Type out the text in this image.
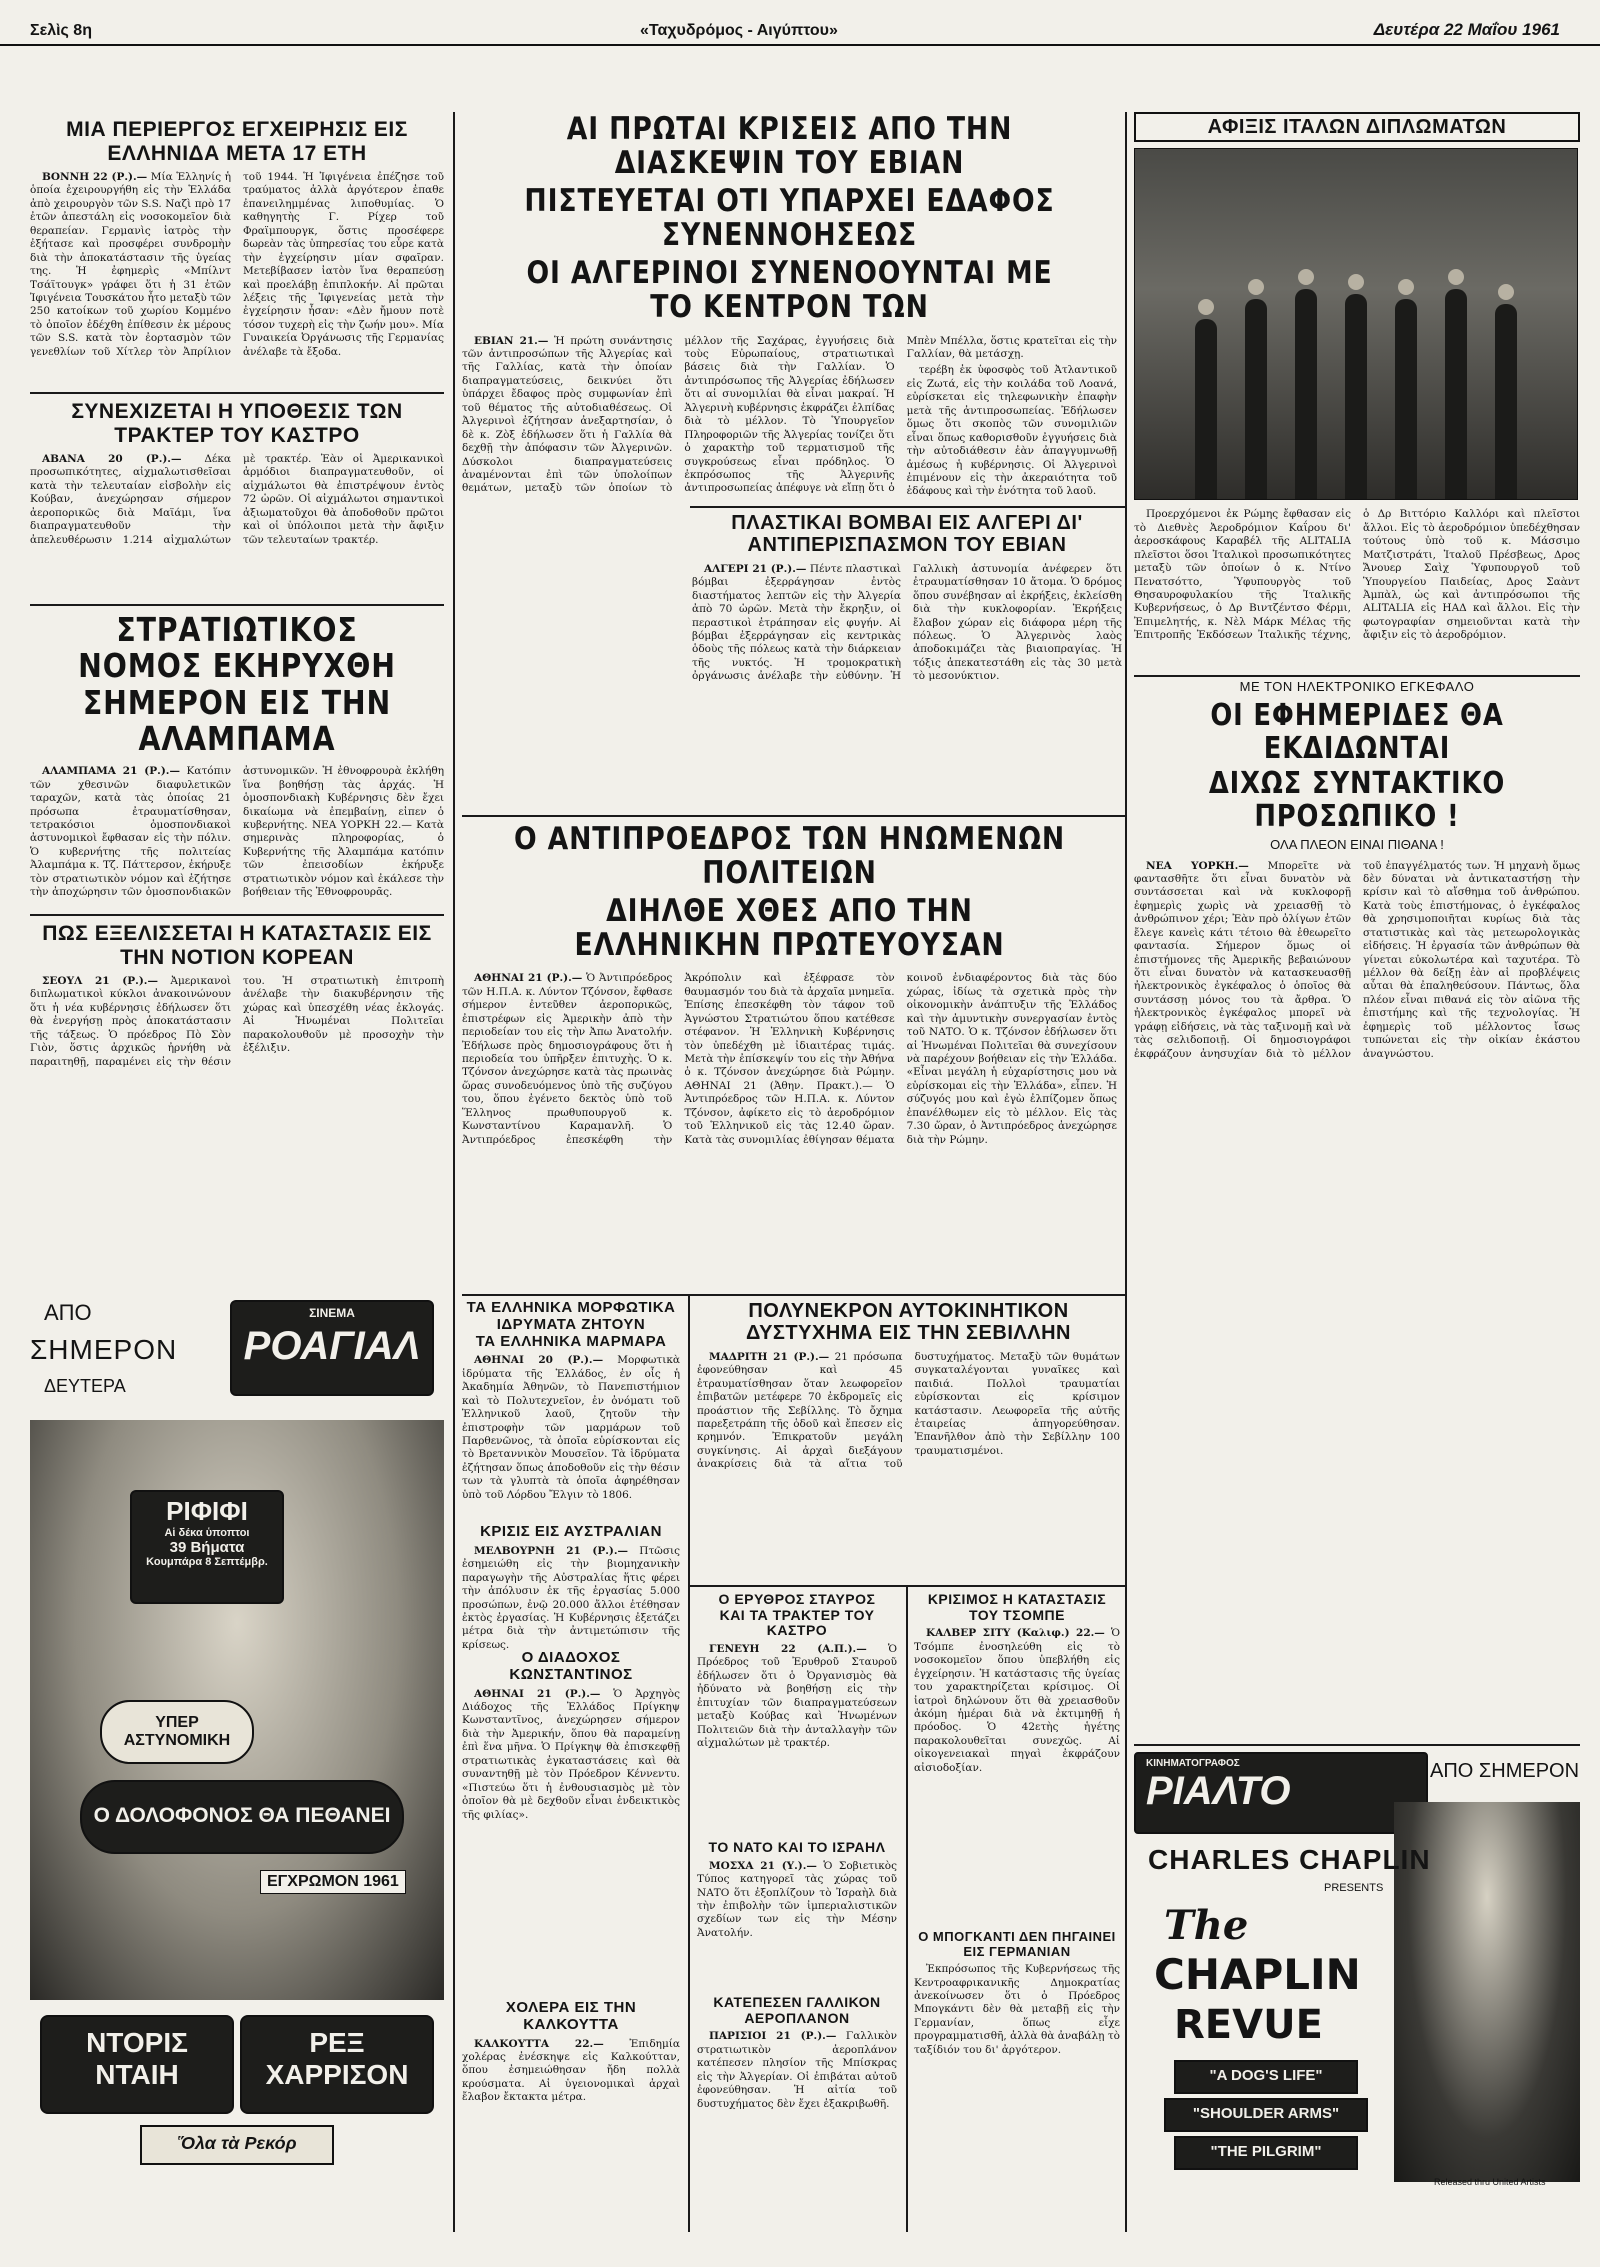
Σελὶς 8η	«Ταχυδρόμος - Αιγύπτου»	Δευτέρα 22 Μαΐου 1961
ΜΙΑ ΠΕΡΙΕΡΓΟΣ ΕΓΧΕΙΡΗΣΙΣ ΕΙΣ ΕΛΛΗΝΙΔΑ ΜΕΤΑ 17 ΕΤΗ

ΒΟΝΝΗ 22 (Ρ.).— Μία Ἑλληνίς ἡ ὁποία ἐχειρουργήθη εἰς τὴν Ἑλλάδα ἀπὸ χειρουργὸν τῶν S.S. Ναζὶ πρὸ 17 ἐτῶν ἀπεστάλη εἰς νοσοκομεῖον διὰ θεραπείαν. Γερμανὶς ἰατρὸς τὴν ἐξήτασε καὶ προσφέρει συνδρομὴν διὰ τὴν ἀποκατάστασιν τῆς ὑγείας της. Ἡ ἐφημερὶς «Μπίλντ Τσάϊτουγκ» γράφει ὅτι ἡ 31 ἐτῶν Ἰφιγένεια Τουσκάτου ἦτο μεταξὺ τῶν 250 κατοίκων τοῦ χωρίου Κομμένο τὸ ὁποῖον ἐδέχθη ἐπίθεσιν ἐκ μέρους τῶν S.S. κατὰ τὸν ἐορτασμὸν τῶν γενεθλίων τοῦ Χίτλερ τὸν Ἀπρίλιον τοῦ 1944. Ἡ Ἰφιγένεια ἐπέζησε τοῦ τραύματος ἀλλὰ ἀργότερον ἐπαθε ἐπανειλημμένας λιποθυμίας. Ὁ καθηγητὴς Γ. Ρίχερ τοῦ Φραϊμπουργκ, ὅστις προσέφερε δωρεὰν τὰς ὑπηρεσίας του εὗρε κατὰ τὴν ἐγχείρησιν μίαν σφαῖραν. Μετεβίβασεν ἰατὸν ἵνα θεραπεύσῃ καὶ προελάβῃ ἐπιπλοκήν. Αἱ πρῶται λέξεις τῆς Ἰφιγενείας μετὰ τὴν ἐγχείρησιν ἦσαν: «Δὲν ἤμουν ποτὲ τόσον τυχερὴ εἰς τὴν ζωήν μου». Μία Γυναικεία Ὀργάνωσις τῆς Γερμανίας ἀνέλαβε τὰ ἔξοδα.

ΣΥΝΕΧΙΖΕΤΑΙ Η ΥΠΟΘΕΣΙΣ ΤΩΝ ΤΡΑΚΤΕΡ ΤΟΥ ΚΑΣΤΡΟ

ΑΒΑΝΑ 20 (Ρ.).— Δέκα προσωπικότητες, αἰχμαλωτισθεῖσαι κατὰ τὴν τελευταίαν εἰσβολὴν εἰς Κούβαν, ἀνεχώρησαν σήμερον ἀεροπορικῶς διὰ Μαϊάμι, ἵνα διαπραγματευθοῦν τὴν ἀπελευθέρωσιν 1.214 αἰχμαλώτων μὲ τρακτέρ. Ἐὰν οἱ Ἀμερικανικοὶ ἀρμόδιοι διαπραγματευθοῦν, οἱ αἰχμάλωτοι θὰ ἐπιστρέψουν ἐντὸς 72 ὡρῶν. Οἱ αἰχμάλωτοι σημαντικοὶ ἀξιωματοῦχοι θὰ ἀποδοθοῦν πρῶτοι καὶ οἱ ὑπόλοιποι μετὰ τὴν ἄφιξιν τῶν τελευταίων τρακτέρ.

ΣΤΡΑΤΙΩΤΙΚΟΣ ΝΟΜΟΣ ΕΚΗΡΥΧΘΗ ΣΗΜΕΡΟΝ ΕΙΣ ΤΗΝ ΑΛΑΜΠΑΜΑ

ΑΛΑΜΠΑΜΑ 21 (Ρ.).— Κατόπιν τῶν χθεσινῶν διαφυλετικῶν ταραχῶν, κατὰ τὰς ὁποίας 21 πρόσωπα ἐτραυματίσθησαν, τετρακόσιοι ὁμοσπονδιακοὶ ἀστυνομικοὶ ἔφθασαν εἰς τὴν πόλιν. Ὁ κυβερνήτης τῆς πολιτείας Ἀλαμπάμα κ. Τζ. Πάττερσον, ἐκήρυξε τὸν στρατιωτικὸν νόμον καὶ ἐζήτησε τὴν ἀποχώρησιν τῶν ὁμοσπονδιακῶν ἀστυνομικῶν. Ἡ ἐθνοφρουρὰ ἐκλήθη ἵνα βοηθήσῃ τὰς ἀρχάς. Ἡ ὁμοσπονδιακὴ Κυβέρνησις δὲν ἔχει δικαίωμα νὰ ἐπεμβαίνῃ, εἰπεν ὁ κυβερνήτης. ΝΕΑ ΥΟΡΚΗ 22.— Κατὰ σημερινὰς πληροφορίας, ὁ Κυβερνήτης τῆς Ἀλαμπάμα κατόπιν τῶν ἐπεισοδίων ἐκήρυξε στρατιωτικὸν νόμον καὶ ἐκάλεσε τὴν βοήθειαν τῆς Ἐθνοφρουρᾶς.

ΠΩΣ ΕΞΕΛΙΣΣΕΤΑΙ Η ΚΑΤΑΣΤΑΣΙΣ ΕΙΣ ΤΗΝ ΝΟΤΙΟΝ ΚΟΡΕΑΝ

ΣΕΟΥΛ 21 (Ρ.).— Ἀμερικανοὶ διπλωματικοὶ κύκλοι ἀνακοινώνουν ὅτι ἡ νέα κυβέρνησις ἐδήλωσεν ὅτι θὰ ἐνεργήσῃ πρὸς ἀποκατάστασιν τῆς τάξεως. Ὁ πρόεδρος Πὸ Σὸν Γιὸν, ὅστις ἀρχικῶς ἠρνήθη νὰ παραιτηθῇ, παραμένει εἰς τὴν θέσιν του. Ἡ στρατιωτικὴ ἐπιτροπὴ ἀνέλαβε τὴν διακυβέρνησιν τῆς χώρας καὶ ὑπεσχέθη νέας ἐκλογάς. Αἱ Ἡνωμέναι Πολιτεῖαι παρακολουθοῦν μὲ προσοχὴν τὴν ἐξέλιξιν.

ΑΠΟ
ΣΗΜΕΡΟΝ
ΔΕΥΤΕΡΑ
ΣΙΝΕΜΑ
ΡΟΑΓΙΑΛ
ΡΙΦΙΦΙ
Αἱ δέκα ὑποπτοι
39 Βήματα
Κουμπάρα 8 Σεπτέμβρ.
ΥΠΕΡ ΑΣΤΥΝΟΜΙΚΗ
Ο ΔΟΛΟΦΟΝΟΣ ΘΑ ΠΕΘΑΝΕΙ
ΕΓΧΡΩΜΟΝ 1961
ΝΤΟΡΙΣ ΝΤΑΙΗ
ΡΕΞ ΧΑΡΡΙΣΟΝ
Ὅλα τὰ Ρεκόρ
ΑΙ ΠΡΩΤΑΙ ΚΡΙΣΕΙΣ ΑΠΟ ΤΗΝ ΔΙΑΣΚΕΨΙΝ ΤΟΥ ΕΒΙΑΝ
ΠΙΣΤΕΥΕΤΑΙ ΟΤΙ ΥΠΑΡΧΕΙ ΕΔΑΦΟΣ ΣΥΝΕΝΝΟΗΣΕΩΣ
ΟΙ ΑΛΓΕΡΙΝΟΙ ΣΥΝΕΝΟΟΥΝΤΑΙ ΜΕ ΤΟ ΚΕΝΤΡΟΝ ΤΩΝ

ΕΒΙΑΝ 21.— Ἡ πρώτη συνάντησις τῶν ἀντιπροσώπων τῆς Ἀλγερίας καὶ τῆς Γαλλίας, κατὰ τὴν ὁποίαν διαπραγματεύσεις, δεικνύει ὅτι ὑπάρχει ἔδαφος πρὸς συμφωνίαν ἐπὶ τοῦ θέματος τῆς αὐτοδιαθέσεως. Οἱ Ἀλγερινοὶ ἐζήτησαν ἀνεξαρτησίαν, ὁ δὲ κ. Ζὸξ ἐδήλωσεν ὅτι ἡ Γαλλία θὰ δεχθῇ τὴν ἀπόφασιν τῶν Ἀλγερινῶν. Δύσκολοι διαπραγματεύσεις ἀναμένονται ἐπὶ τῶν ὑπολοίπων θεμάτων, μεταξὺ τῶν ὁποίων τὸ μέλλον τῆς Σαχάρας, ἐγγυήσεις διὰ τοὺς Εὐρωπαίους, στρατιωτικαὶ βάσεις διὰ τὴν Γαλλίαν. Ὁ ἀντιπρόσωπος τῆς Ἀλγερίας ἐδήλωσεν ὅτι αἱ συνομιλίαι θὰ εἶναι μακραί. Ἡ Ἀλγερινὴ κυβέρνησις ἐκφράζει ἐλπίδας διὰ τὸ μέλλον. Τὸ Ὑπουργεῖον Πληροφοριῶν τῆς Ἀλγερίας τονίζει ὅτι ὁ χαρακτὴρ τοῦ τερματισμοῦ τῆς συγκρούσεως εἶναι πρόδηλος. Ὁ ἐκπρόσωπος τῆς Ἀλγερινῆς ἀντιπροσωπείας ἀπέφυγε νὰ εἴπῃ ὅτι ὁ Μπὲν Μπέλλα, ὅστις κρατεῖται εἰς τὴν Γαλλίαν, θὰ μετάσχῃ.

τερέβη ἐκ ὑφοσφὸς τοῦ Ἀτλαντικοῦ εἰς Ζωτά, εἰς τὴν κοιλάδα τοῦ Λοανά, εὑρίσκεται εἰς τηλεφωνικὴν ἐπαφὴν μετὰ τῆς ἀντιπροσωπείας. Ἐδήλωσεν ὅμως ὅτι σκοπὸς τῶν συνομιλιῶν εἶναι ὅπως καθορισθοῦν ἐγγυήσεις διὰ τὴν αὐτοδιάθεσιν ἐὰν ἀπαγγυμνωθῇ ἀμέσως ἡ κυβέρνησις. Οἱ Ἀλγερινοὶ ἐπιμένουν εἰς τὴν ἀκεραιότητα τοῦ ἐδάφους καὶ τὴν ἑνότητα τοῦ λαοῦ.

ΠΛΑΣΤΙΚΑΙ ΒΟΜΒΑΙ ΕΙΣ ΑΛΓΕΡΙ ΔΙ' ΑΝΤΙΠΕΡΙΣΠΑΣΜΟΝ ΤΟΥ ΕΒΙΑΝ

ΑΛΓΕΡΙ 21 (Ρ.).— Πέντε πλαστικαὶ βόμβαι ἐξερράγησαν ἐντὸς διαστήματος λεπτῶν εἰς τὴν Ἀλγερία ἀπὸ 70 ὡρῶν. Μετὰ τὴν ἔκρηξιν, οἱ περαστικοὶ ἐτράπησαν εἰς φυγήν. Αἱ βόμβαι ἐξερράγησαν εἰς κεντρικὰς ὁδοὺς τῆς πόλεως κατὰ τὴν διάρκειαν τῆς νυκτός. Ἡ τρομοκρατικὴ ὀργάνωσις ἀνέλαβε τὴν εὐθύνην. Ἡ Γαλλικὴ ἀστυνομία ἀνέφερεν ὅτι ἐτραυματίσθησαν 10 ἄτομα. Ὁ δρόμος ὅπου συνέβησαν αἱ ἐκρήξεις, ἐκλείσθη διὰ τὴν κυκλοφορίαν. Ἐκρήξεις ἔλαβον χώραν εἰς διάφορα μέρη τῆς πόλεως. Ὁ Ἀλγερινὸς λαὸς ἀποδοκιμάζει τὰς βιαιοπραγίας. Ἡ τόξις ἀπεκατεστάθη εἰς τὰς 30 μετὰ τὸ μεσονύκτιον.

Ο ΑΝΤΙΠΡΟΕΔΡΟΣ ΤΩΝ ΗΝΩΜΕΝΩΝ ΠΟΛΙΤΕΙΩΝ
ΔΙΗΛΘΕ ΧΘΕΣ ΑΠΟ ΤΗΝ ΕΛΛΗΝΙΚΗΝ ΠΡΩΤΕΥΟΥΣΑΝ

ΑΘΗΝΑΙ 21 (Ρ.).— Ὁ Ἀντιπρόεδρος τῶν Η.Π.Α. κ. Λύντον Τζόνσον, ἔφθασε σήμερον ἐντεῦθεν ἀεροπορικῶς, ἐπιστρέφων εἰς Ἀμερικὴν ἀπὸ τὴν περιοδείαν του εἰς τὴν Ἀπω Ἀνατολήν. Ἐδήλωσε πρὸς δημοσιογράφους ὅτι ἡ περιοδεία του ὑπῆρξεν ἐπιτυχὴς. Ὁ κ. Τζόνσον ἀνεχώρησε κατὰ τὰς πρωινὰς ὥρας συνοδευόμενος ὑπὸ τῆς συζύγου του, ὅπου ἐγένετο δεκτὸς ὑπὸ τοῦ Ἕλληνος πρωθυπουργοῦ κ. Κωνσταντίνου Καραμανλῆ. Ὁ Ἀντιπρόεδρος ἐπεσκέφθη τὴν Ἀκρόπολιν καὶ ἐξέφρασε τὸν θαυμασμόν του διὰ τὰ ἀρχαῖα μνημεῖα. Ἐπίσης ἐπεσκέφθη τὸν τάφον τοῦ Ἀγνώστου Στρατιώτου ὅπου κατέθεσε στέφανον. Ἡ Ἑλληνικὴ Κυβέρνησις τὸν ὑπεδέχθη μὲ ἰδιαιτέρας τιμάς. Μετὰ τὴν ἐπίσκεψίν του εἰς τὴν Ἀθήνα ὁ κ. Τζόνσον ἀνεχώρησε διὰ Ρώμην. ΑΘΗΝΑΙ 21 (Ἀθην. Πρακτ.).— Ὁ Ἀντιπρόεδρος τῶν Η.Π.Α. κ. Λύντον Τζόνσον, ἀφίκετο εἰς τὸ ἀεροδρόμιον τοῦ Ἑλληνικοῦ εἰς τὰς 12.40 ὥραν. Κατὰ τὰς συνομιλίας ἐθίγησαν θέματα κοινοῦ ἐνδιαφέροντος διὰ τὰς δύο χώρας, ἰδίως τὰ σχετικὰ πρὸς τὴν οἰκονομικὴν ἀνάπτυξιν τῆς Ἑλλάδος καὶ τὴν ἀμυντικὴν συνεργασίαν ἐντὸς τοῦ ΝΑΤΟ. Ὁ κ. Τζόνσον ἐδήλωσεν ὅτι αἱ Ἡνωμέναι Πολιτεῖαι θὰ συνεχίσουν νὰ παρέχουν βοήθειαν εἰς τὴν Ἑλλάδα. «Εἶναι μεγάλη ἡ εὐχαρίστησις μου νὰ εὑρίσκομαι εἰς τὴν Ἑλλάδα», εἶπεν. Ἡ σύζυγός μου καὶ ἐγὼ ἐλπίζομεν ὅπως ἐπανέλθωμεν εἰς τὸ μέλλον. Εἰς τὰς 7.30 ὥραν, ὁ Ἀντιπρόεδρος ἀνεχώρησε διὰ τὴν Ρώμην.

ΤΑ ΕΛΛΗΝΙΚΑ ΜΟΡΦΩΤΙΚΑ
ΙΔΡΥΜΑΤΑ ΖΗΤΟΥΝ
ΤΑ ΕΛΛΗΝΙΚΑ ΜΑΡΜΑΡΑ

ΑΘΗΝΑΙ 20 (Ρ.).— Μορφωτικὰ ἱδρύματα τῆς Ἑλλάδος, ἐν οἷς ἡ Ἀκαδημία Ἀθηνῶν, τὸ Πανεπιστήμιον καὶ τὸ Πολυτεχνεῖον, ἐν ὀνόματι τοῦ Ἑλληνικοῦ λαοῦ, ζητοῦν τὴν ἐπιστροφὴν τῶν μαρμάρων τοῦ Παρθενῶνος, τὰ ὁποῖα εὑρίσκονται εἰς τὸ Βρεταννικὸν Μουσεῖον. Τὰ ἱδρύματα ἐζήτησαν ὅπως ἀποδοθοῦν εἰς τὴν θέσιν των τὰ γλυπτὰ τὰ ὁποῖα ἀφηρέθησαν ὑπὸ τοῦ Λόρδου Ἔλγιν τὸ 1806.

ΚΡΙΣΙΣ ΕΙΣ ΑΥΣΤΡΑΛΙΑΝ

ΜΕΛΒΟΥΡΝΗ 21 (Ρ.).— Πτῶσις ἐσημειώθη εἰς τὴν βιομηχανικὴν παραγωγὴν τῆς Αὐστραλίας ἥτις φέρει τὴν ἀπόλυσιν ἐκ τῆς ἐργασίας 5.000 προσώπων, ἐνῷ 20.000 ἄλλοι ἐτέθησαν ἐκτὸς ἐργασίας. Ἡ Κυβέρνησις ἐξετάζει μέτρα διὰ τὴν ἀντιμετώπισιν τῆς κρίσεως.

Ο ΔΙΑΔΟΧΟΣ ΚΩΝΣΤΑΝΤΙΝΟΣ

ΑΘΗΝΑΙ 21 (Ρ.).— Ὁ Ἀρχηγὸς Διάδοχος τῆς Ἑλλάδος Πρίγκηψ Κωνσταντῖνος, ἀνεχώρησεν σήμερον διὰ τὴν Ἀμερικήν, ὅπου θὰ παραμείνῃ ἐπὶ ἕνα μῆνα. Ὁ Πρίγκηψ θὰ ἐπισκεφθῇ στρατιωτικὰς ἐγκαταστάσεις καὶ θὰ συναντηθῇ μὲ τὸν Πρόεδρον Κέννεντυ. «Πιστεύω ὅτι ἡ ἐνθουσιασμὸς μὲ τὸν ὁποῖον θὰ μὲ δεχθοῦν εἶναι ἐνδεικτικὸς τῆς φιλίας».

ΧΟΛΕΡΑ ΕΙΣ ΤΗΝ ΚΑΛΚΟΥΤΤΑ

ΚΑΛΚΟΥΤΤΑ 22.— Ἐπιδημία χολέρας ἐνέσκηψε εἰς Καλκούτταν, ὅπου ἐσημειώθησαν ἤδη πολλὰ κρούσματα. Αἱ ὑγειονομικαὶ ἀρχαὶ ἔλαβον ἔκτακτα μέτρα.

ΠΟΛΥΝΕΚΡΟΝ ΑΥΤΟΚΙΝΗΤΙΚΟΝ
ΔΥΣΤΥΧΗΜΑ ΕΙΣ ΤΗΝ ΣΕΒΙΛΛΗΝ

ΜΑΔΡΙΤΗ 21 (Ρ.).— 21 πρόσωπα ἐφονεύθησαν καὶ 45 ἐτραυματίσθησαν ὅταν λεωφορεῖον ἐπιβατῶν μετέφερε 70 ἐκδρομεῖς εἰς προάστιον τῆς Σεβίλλης. Τὸ ὄχημα παρεξετράπη τῆς ὁδοῦ καὶ ἔπεσεν εἰς κρημνόν. Ἐπικρατοῦν μεγάλη συγκίνησις. Αἱ ἀρχαὶ διεξάγουν ἀνακρίσεις διὰ τὰ αἴτια τοῦ δυστυχήματος. Μεταξὺ τῶν θυμάτων συγκαταλέγονται γυναῖκες καὶ παιδιά. Πολλοὶ τραυματίαι εὑρίσκονται εἰς κρίσιμον κατάστασιν. Λεωφορεῖα τῆς αὐτῆς ἑταιρείας ἀπηγορεύθησαν. Ἐπανῆλθον ἀπὸ τὴν Σεβίλλην 100 τραυματισμένοι.

Ο ΕΡΥΘΡΟΣ ΣΤΑΥΡΟΣ
ΚΑΙ ΤΑ ΤΡΑΚΤΕΡ ΤΟΥ ΚΑΣΤΡΟ

ΓΕΝΕΥΗ 22 (Α.Π.).— Ὁ Πρόεδρος τοῦ Ἐρυθροῦ Σταυροῦ ἐδήλωσεν ὅτι ὁ Ὀργανισμὸς θὰ ἠδύνατο νὰ βοηθήσῃ εἰς τὴν ἐπιτυχίαν τῶν διαπραγματεύσεων μεταξὺ Κούβας καὶ Ἡνωμένων Πολιτειῶν διὰ τὴν ἀνταλλαγὴν τῶν αἰχμαλώτων μὲ τρακτέρ.

ΤΟ ΝΑΤΟ ΚΑΙ ΤΟ ΙΣΡΑΗΛ

ΜΟΣΧΑ 21 (Υ.).— Ὁ Σοβιετικὸς Τύπος κατηγορεῖ τὰς χώρας τοῦ ΝΑΤΟ ὅτι ἐξοπλίζουν τὸ Ἰσραὴλ διὰ τὴν ἐπιβολὴν τῶν ἰμπεριαλιστικῶν σχεδίων των εἰς τὴν Μέσην Ἀνατολήν.

ΚΑΤΕΠΕΣΕΝ ΓΑΛΛΙΚΟΝ ΑΕΡΟΠΛΑΝΟΝ

ΠΑΡΙΣΙΟΙ 21 (Ρ.).— Γαλλικὸν στρατιωτικὸν ἀεροπλάνον κατέπεσεν πλησίον τῆς Μπίσκρας εἰς τὴν Ἀλγερίαν. Οἱ ἐπιβάται αὐτοῦ ἐφονεύθησαν. Ἡ αἰτία τοῦ δυστυχήματος δὲν ἔχει ἐξακριβωθῆ.

ΚΡΙΣΙΜΟΣ Η ΚΑΤΑΣΤΑΣΙΣ
ΤΟΥ ΤΣΟΜΠΕ

ΚΑΛΒΕΡ ΣΙΤΥ (Καλιφ.) 22.— Ὁ Τσόμπε ἐνοσηλεύθη εἰς τὸ νοσοκομεῖον ὅπου ὑπεβλήθη εἰς ἐγχείρησιν. Ἡ κατάστασις τῆς ὑγείας του χαρακτηρίζεται κρίσιμος. Οἱ ἰατροὶ δηλώνουν ὅτι θὰ χρειασθοῦν ἀκόμη ἡμέραι διὰ νὰ ἐκτιμηθῇ ἡ πρόοδος. Ὁ 42ετὴς ἡγέτης παρακολουθεῖται συνεχῶς. Αἱ οἰκογενειακαὶ πηγαὶ ἐκφράζουν αἰσιοδοξίαν.

Ο ΜΠΟΓΚΑΝΤΙ ΔΕΝ ΠΗΓΑΙΝΕΙ ΕΙΣ ΓΕΡΜΑΝΙΑΝ

Ἐκπρόσωπος τῆς Κυβερνήσεως τῆς Κεντροαφρικανικῆς Δημοκρατίας ἀνεκοίνωσεν ὅτι ὁ Πρόεδρος Μπογκάντι δὲν θὰ μεταβῇ εἰς τὴν Γερμανίαν, ὅπως εἶχε προγραμματισθῆ, ἀλλὰ θὰ ἀναβάλῃ τὸ ταξίδιόν του δι' ἀργότερον.

ΑΦΙΞΙΣ ΙΤΑΛΩΝ ΔΙΠΛΩΜΑΤΩΝ

Προερχόμενοι ἐκ Ρώμης ἔφθασαν εἰς τὸ Διεθνὲς Ἀεροδρόμιον Καΐρου δι' ἀεροσκάφους Καραβέλ τῆς ALITALIA πλεῖστοι ὅσοι Ἰταλικοὶ προσωπικότητες μεταξὺ τῶν ὁποίων ὁ κ. Ντίνο Πενατσόττο, Ὑφυπουργὸς τοῦ Θησαυροφυλακίου τῆς Ἰταλικῆς Κυβερνήσεως, ὁ Δρ Βιντζέντσο Φέρμι, Ἐπιμελητής, κ. Νὲλ Μάρκ Μέλας τῆς Ἐπιτροπῆς Ἐκδόσεων Ἰταλικῆς τέχνης, ὁ Δρ Βιττόριο Καλλόρι καὶ πλεῖστοι ἄλλοι. Εἰς τὸ ἀεροδρόμιον ὑπεδέχθησαν τούτους ὑπὸ τοῦ κ. Μάσσιμο Ματζιστράτι, Ἰταλοῦ Πρέσβεως, Δρος Ἄνουερ Σαὶχ Ὑφυπουργοῦ τοῦ Ὑπουργείου Παιδείας, Δρος Σαὰντ Ἀμπὰλ, ὡς καὶ ἀντιπρόσωποι τῆς ALITALIA εἰς ΗΑΔ καὶ ἄλλοι. Εἰς τὴν φωτογραφίαν σημειοῦνται κατὰ τὴν ἄφιξιν εἰς τὸ ἀεροδρόμιον.

ΜΕ ΤΟΝ ΗΛΕΚΤΡΟΝΙΚΟ ΕΓΚΕΦΑΛΟ
ΟΙ ΕΦΗΜΕΡΙΔΕΣ ΘΑ ΕΚΔΙΔΩΝΤΑΙ
ΔΙΧΩΣ ΣΥΝΤΑΚΤΙΚΟ ΠΡΟΣΩΠΙΚΟ !
ΟΛΑ ΠΛΕΟΝ ΕΙΝΑΙ ΠΙΘΑΝΑ !

ΝΕΑ ΥΟΡΚΗ.— Μπορεῖτε νὰ φαντασθῆτε ὅτι εἶναι δυνατὸν νὰ συντάσσεται καὶ νὰ κυκλοφορῇ ἐφημερὶς χωρὶς νὰ χρειασθῇ τὸ ἀνθρώπινον χέρι; Ἐὰν πρὸ ὀλίγων ἐτῶν ἔλεγε κανεὶς κάτι τέτοιο θὰ ἐθεωρεῖτο φαντασία. Σήμερον ὅμως οἱ ἐπιστήμονες τῆς Ἀμερικῆς βεβαιώνουν ὅτι εἶναι δυνατὸν νὰ κατασκευασθῇ ἠλεκτρονικὸς ἐγκέφαλος ὁ ὁποῖος θὰ συντάσσῃ μόνος του τὰ ἄρθρα. Ὁ ἠλεκτρονικὸς ἐγκέφαλος μπορεῖ νὰ γράφῃ εἰδήσεις, νὰ τὰς ταξινομῇ καὶ νὰ τὰς σελιδοποιῇ. Οἱ δημοσιογράφοι ἐκφράζουν ἀνησυχίαν διὰ τὸ μέλλον τοῦ ἐπαγγέλματός των. Ἡ μηχανὴ ὅμως δὲν δύναται νὰ ἀντικαταστήσῃ τὴν κρίσιν καὶ τὸ αἴσθημα τοῦ ἀνθρώπου. Κατὰ τοὺς ἐπιστήμονας, ὁ ἐγκέφαλος θὰ χρησιμοποιῆται κυρίως διὰ τὰς στατιστικὰς καὶ τὰς μετεωρολογικὰς εἰδήσεις. Ἡ ἐργασία τῶν ἀνθρώπων θὰ γίνεται εὐκολωτέρα καὶ ταχυτέρα. Τὸ μέλλον θὰ δείξῃ ἐὰν αἱ προβλέψεις αὗται θὰ ἐπαληθεύσουν. Πάντως, ὅλα πλέον εἶναι πιθανά εἰς τὸν αἰῶνα τῆς ἐπιστήμης καὶ τῆς τεχνολογίας. Ἡ ἐφημερὶς τοῦ μέλλοντος ἴσως τυπώνεται εἰς τὴν οἰκίαν ἑκάστου ἀναγνώστου.

ΚΙΝΗΜΑΤΟΓΡΑΦΟΣ
ΡΙΑΛΤΟ	ΑΠΟ ΣΗΜΕΡΟΝ
CHARLES CHAPLIN
PRESENTS
The
CHAPLIN
REVUE
"A DOG'S LIFE"
"SHOULDER ARMS"
"THE PILGRIM"
Released thru United Artists
